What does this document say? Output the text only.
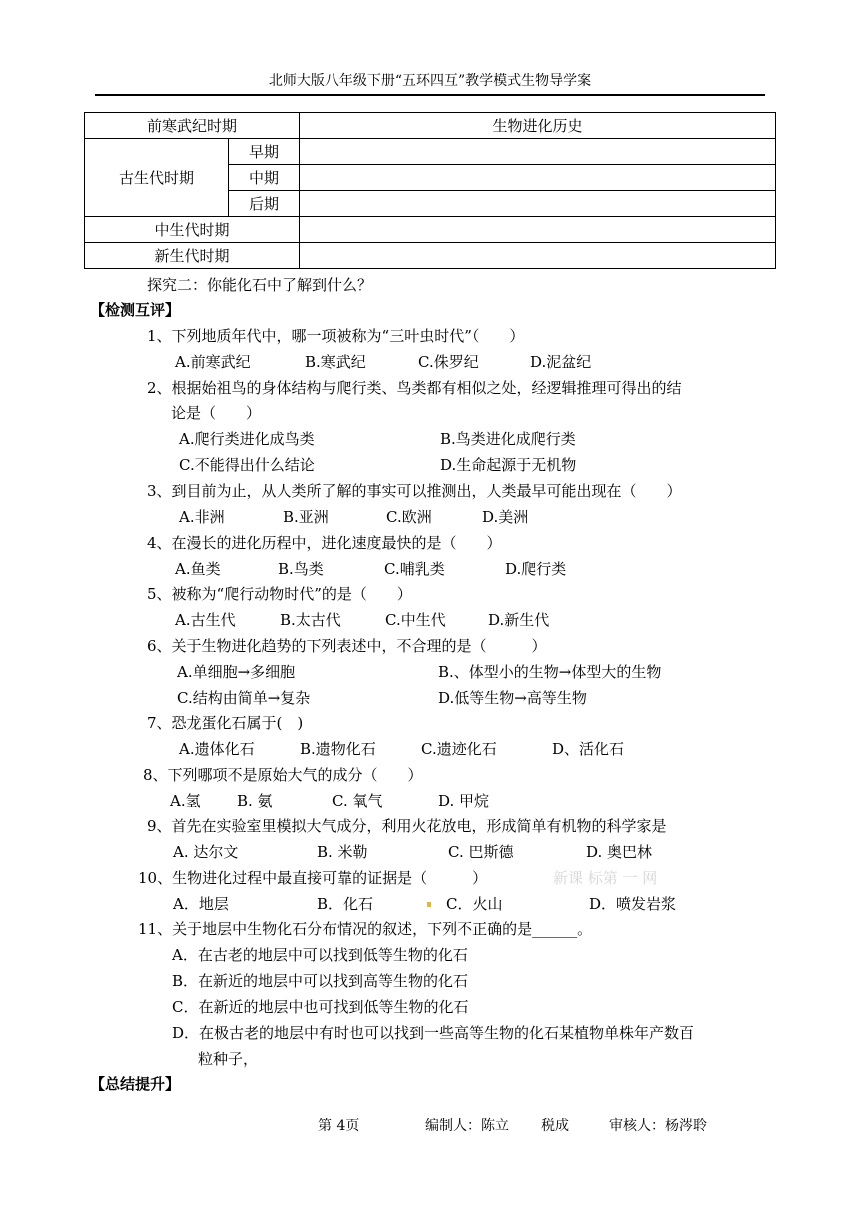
北师大版八年级下册“五环四互”教学模式生物导学案
前寒武纪时期		生物进化历史
古生代时期	早期	
	中期	
	后期	
中生代时期		
新生代时期		
探究二：你能化石中了解到什么？
【检测互评】
1、下列地质年代中，哪一项被称为“三叶虫时代”（　　）
A.前寒武纪	B.寒武纪	C.侏罗纪	D.泥盆纪
2、根据始祖鸟的身体结构与爬行类、鸟类都有相似之处，经逻辑推理可得出的结
论是（　　）
A.爬行类进化成鸟类	B.鸟类进化成爬行类
C.不能得出什么结论	D.生命起源于无机物
3、到目前为止，从人类所了解的事实可以推测出，人类最早可能出现在（　　）
A.非洲	B.亚洲	C.欧洲	D.美洲
4、在漫长的进化历程中，进化速度最快的是（　　）
A.鱼类	B.鸟类	C.哺乳类	D.爬行类
5、被称为“爬行动物时代”的是（　　）
A.古生代	B.太古代	C.中生代	D.新生代
6、关于生物进化趋势的下列表述中，不合理的是（　　　）
A.单细胞→多细胞	B.、体型小的生物→体型大的生物
C.结构由简单→复杂	D.低等生物→高等生物
7、恐龙蛋化石属于(　)
A.遗体化石	B.遗物化石	C.遗迹化石	D、活化石
8、下列哪项不是原始大气的成分（　　）
A.氢 B. 氨	C. 氧气	D. 甲烷
9、首先在实验室里模拟大气成分，利用火花放电，形成简单有机物的科学家是
A. 达尔文	B. 米勒	C. 巴斯德	D. 奥巴林
10、生物进化过程中最直接可靠的证据是（　　　）	新课 标第 一 网
A．地层	B．化石	C．火山	D．喷发岩浆
11、关于地层中生物化石分布情况的叙述，下列不正确的是______。
A．在古老的地层中可以找到低等生物的化石
B．在新近的地层中可以找到高等生物的化石
C．在新近的地层中也可找到低等生物的化石
D．在极古老的地层中有时也可以找到一些高等生物的化石某植物单株年产数百
粒种子，
【总结提升】
第 4页	编制人：陈立 税成	审核人：杨涔聆
